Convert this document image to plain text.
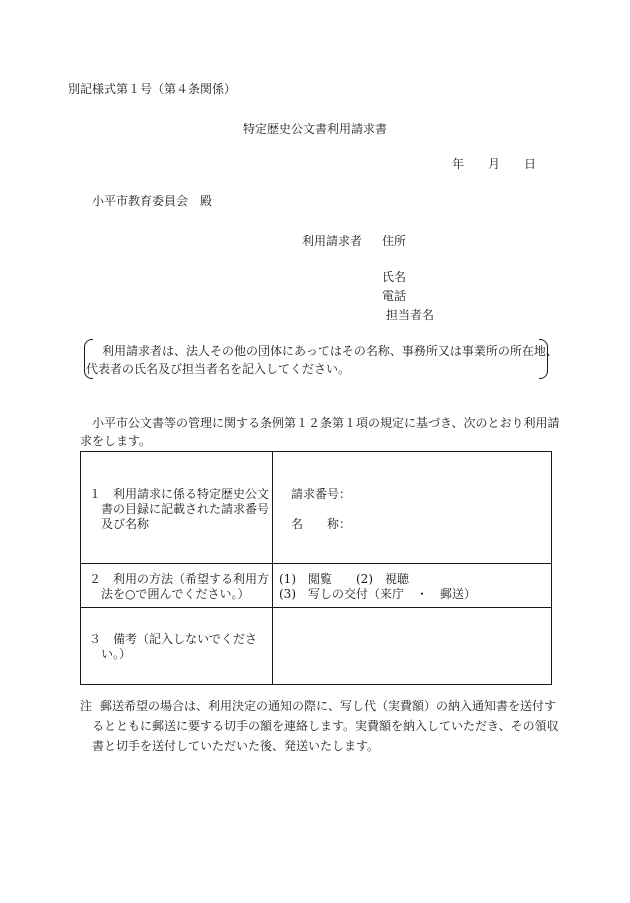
別記様式第１号（第４条関係）
特定歴史公文書利用請求書
年 月 日
小平市教育委員会　殿
利用請求者 住所
氏名
電話
担当者名
利用請求者は、法人その他の団体にあってはその名称、事務所又は事業所の所在地、
代表者の氏名及び担当者名を記入してください。
小平市公文書等の管理に関する条例第１２条第１項の規定に基づき、次のとおり利用請
求をします。
１　利用請求に係る特定歴史公文
書の目録に記載された請求番号
及び名称
請求番号：
名　　称：
２　利用の方法（希望する利用方
法を○で囲んでください。）
(1)　閲覧　　(2)　視聴
(3)　写しの交付（来庁　・　郵送）
３　備考（記入しないでくださ
い。）
注 郵送希望の場合は、利用決定の通知の際に、写し代（実費額）の納入通知書を送付す
るとともに郵送に要する切手の額を連絡します。実費額を納入していただき、その領収
書と切手を送付していただいた後、発送いたします。
